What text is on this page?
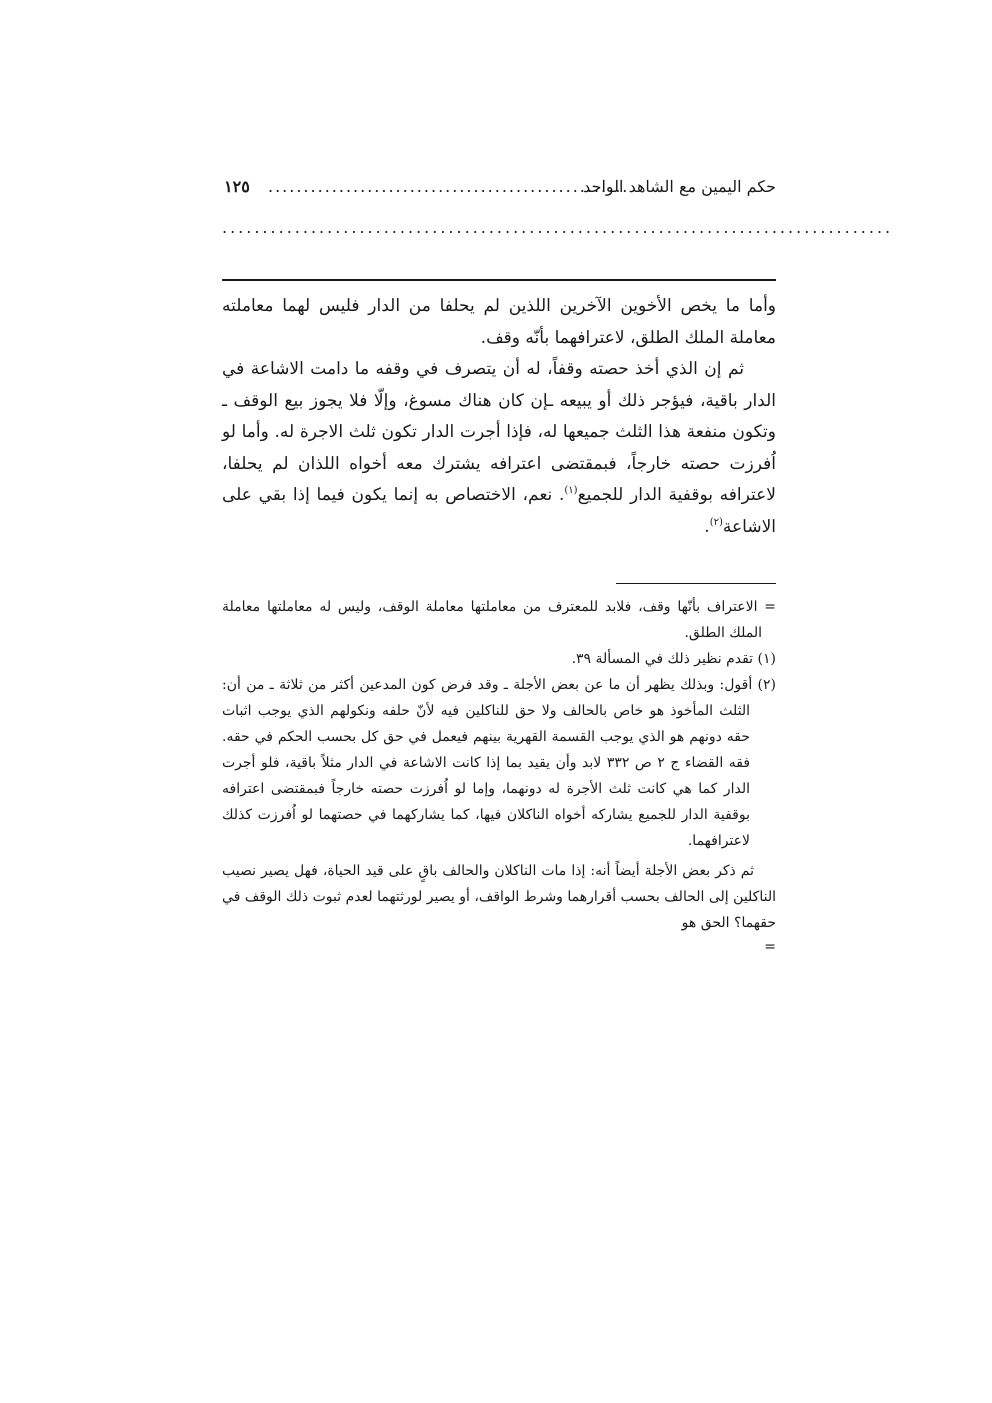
حكم اليمين مع الشاهد الواحد
...................................................
١٢٥
...................................................................................

وأما ما يخص الأخوين الآخرين اللذين لم يحلفا من الدار فليس لهما معاملته معاملة الملك الطلق، لاعترافهما بأنّه وقف.

ثم إن الذي أخذ حصته وقفاً، له أن يتصرف في وقفه ما دامت الاشاعة في الدار باقية، فيؤجر ذلك أو يبيعه ـإن كان هناك مسوغ، وإلّا فلا يجوز بيع الوقف ـ وتكون منفعة هذا الثلث جميعها له، فإذا أجرت الدار تكون ثلث الاجرة له. وأما لو اُفرزت حصته خارجاً، فبمقتضى اعترافه يشترك معه أخواه اللذان لم يحلفا، لاعترافه بوقفية الدار للجميع$^{(١)}$. نعم، الاختصاص به إنما يكون فيما إذا بقي على الاشاعة$^{(٢)}$.

= الاعتراف بأنّها وقف، فلابد للمعترف من معاملتها معاملة الوقف، وليس له معاملتها معاملة الملك الطلق.

(١) تقدم نظير ذلك في المسألة ٣٩.

(٢) أقول: وبذلك يظهر أن ما عن بعض الأجلة ـ وقد فرض كون المدعين أكثر من ثلاثة ـ من أن: الثلث المأخوذ هو خاص بالحالف ولا حق للناكلين فيه لأنّ حلفه ونكولهم الذي يوجب اثبات حقه دونهم هو الذي يوجب القسمة القهرية بينهم فيعمل في حق كل بحسب الحكم في حقه. فقه القضاء ج ٢ ص ٣٣٢ لابد وأن يقيد بما إذا كانت الاشاعة في الدار مثلاً باقية، فلو أجرت الدار كما هي كانت ثلث الأجرة له دونهما، وإما لو اُفرزت حصته خارجاً فبمقتضى اعترافه بوقفية الدار للجميع يشاركه أخواه الناكلان فيها، كما يشاركهما في حصتهما لو اُفرزت كذلك لاعترافهما.

ثم ذكر بعض الأجلة أيضاً أنه: إذا مات الناكلان والحالف باقٍ على قيد الحياة، فهل يصير نصيب الناكلين إلى الحالف بحسب أقرارهما وشرط الواقف، أو يصير لورثتهما لعدم ثبوت ذلك الوقف في حقهما؟ الحق هو

=
